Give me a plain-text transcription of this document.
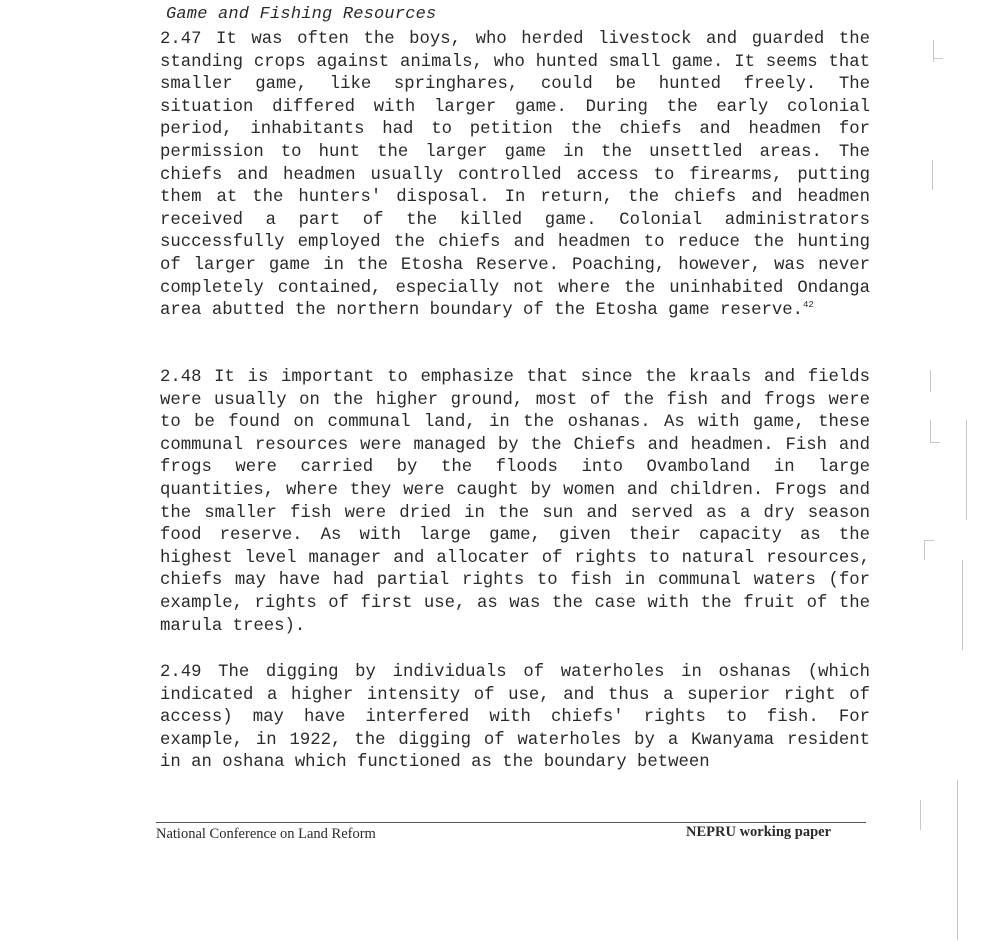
Game and Fishing Resources

2.47 It was often the boys, who herded livestock and guarded the standing crops against animals, who hunted small game. It seems that smaller game, like springhares, could be hunted freely. The situation differed with larger game. During the early colonial period, inhabitants had to petition the chiefs and headmen for permission to hunt the larger game in the unsettled areas. The chiefs and headmen usually controlled access to firearms, putting them at the hunters' disposal. In return, the chiefs and headmen received a part of the killed game. Colonial administrators successfully employed the chiefs and headmen to reduce the hunting of larger game in the Etosha Reserve. Poaching, however, was never completely contained, especially not where the uninhabited Ondanga area abutted the northern boundary of the Etosha game reserve.$^{42}$

2.48 It is important to emphasize that since the kraals and fields were usually on the higher ground, most of the fish and frogs were to be found on communal land, in the oshanas. As with game, these communal resources were managed by the Chiefs and headmen. Fish and frogs were carried by the floods into Ovamboland in large quantities, where they were caught by women and children. Frogs and the smaller fish were dried in the sun and served as a dry season food reserve. As with large game, given their capacity as the highest level manager and allocater of rights to natural resources, chiefs may have had partial rights to fish in communal waters (for example, rights of first use, as was the case with the fruit of the marula trees).

2.49 The digging by individuals of waterholes in oshanas (which indicated a higher intensity of use, and thus a superior right of access) may have interfered with chiefs' rights to fish. For example, in 1922, the digging of waterholes by a Kwanyama resident in an oshana which functioned as the boundary between

National Conference on Land Reform	NEPRU working paper
